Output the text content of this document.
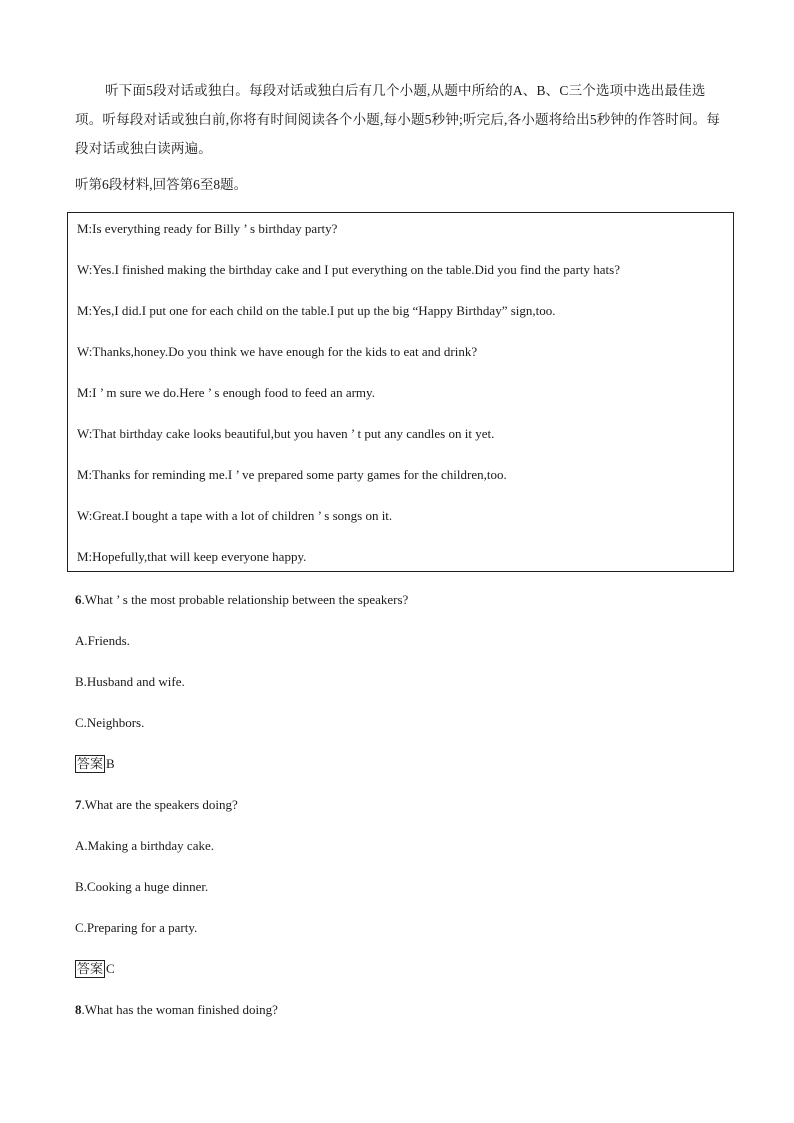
听下面5段对话或独白。每段对话或独白后有几个小题,从题中所给的A、B、C三个选项中选出最佳选项。听每段对话或独白前,你将有时间阅读各个小题,每小题5秒钟;听完后,各小题将给出5秒钟的作答时间。每段对话或独白读两遍。
听第6段材料,回答第6至8题。
M:Is everything ready for Billy ’ s birthday party?
W:Yes.I finished making the birthday cake and I put everything on the table.Did you find the party hats?
M:Yes,I did.I put one for each child on the table.I put up the big “Happy Birthday” sign,too.
W:Thanks,honey.Do you think we have enough for the kids to eat and drink?
M:I ’ m sure we do.Here ’ s enough food to feed an army.
W:That birthday cake looks beautiful,but you haven ’ t put any candles on it yet.
M:Thanks for reminding me.I ’ ve prepared some party games for the children,too.
W:Great.I bought a tape with a lot of children ’ s songs on it.
M:Hopefully,that will keep everyone happy.
6.What ’ s the most probable relationship between the speakers?
A.Friends.
B.Husband and wife.
C.Neighbors.
答案 B
7.What are the speakers doing?
A.Making a birthday cake.
B.Cooking a huge dinner.
C.Preparing for a party.
答案 C
8.What has the woman finished doing?
